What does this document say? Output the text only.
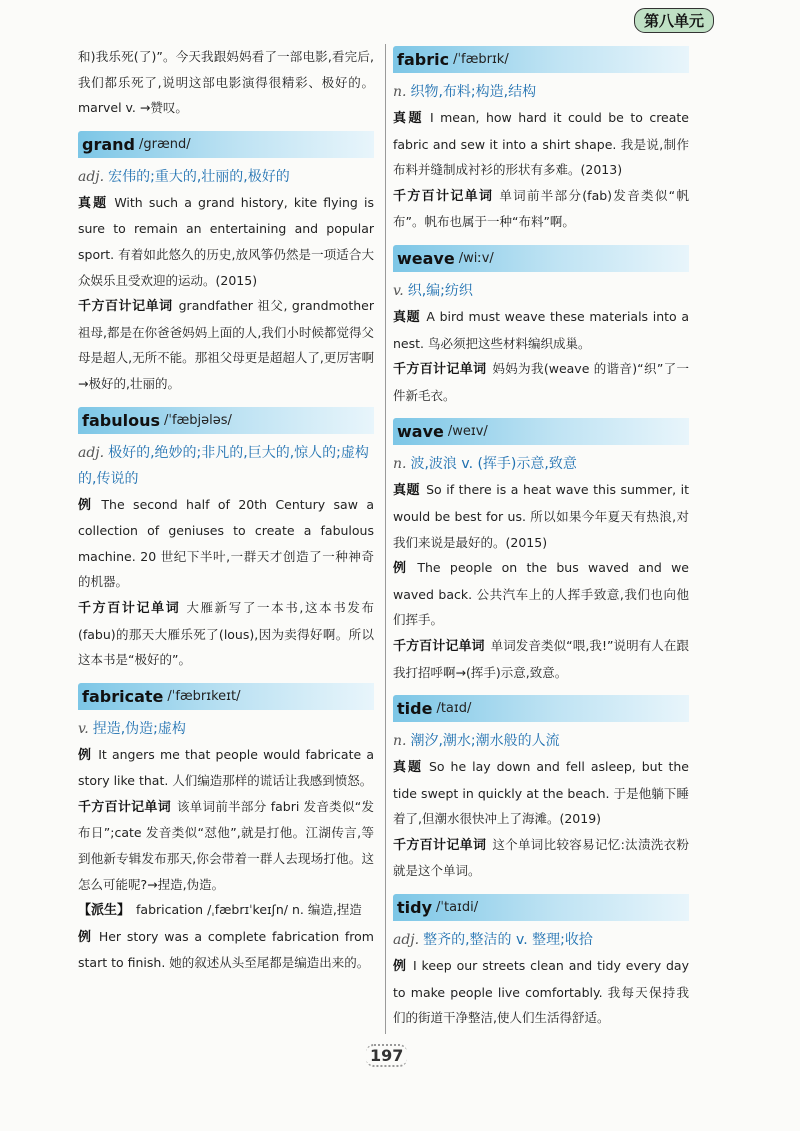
第八单元

和)我乐死(了)”。今天我跟妈妈看了一部电影,看完后,我们都乐死了,说明这部电影演得很精彩、极好的。marvel v. →赞叹。

grand /grænd/

adj. 宏伟的;重大的,壮丽的,极好的

真题 With such a grand history, kite flying is sure to remain an entertaining and popular sport. 有着如此悠久的历史,放风筝仍然是一项适合大众娱乐且受欢迎的运动。(2015)

千方百计记单词 grandfather 祖父, grandmother 祖母,都是在你爸爸妈妈上面的人,我们小时候都觉得父母是超人,无所不能。那祖父母更是超超人了,更厉害啊→极好的,壮丽的。

fabulous /ˈfæbjələs/

adj. 极好的,绝妙的;非凡的,巨大的,惊人的;虚构的,传说的

例 The second half of 20th Century saw a collection of geniuses to create a fabulous machine. 20 世纪下半叶,一群天才创造了一种神奇的机器。

千方百计记单词 大雁新写了一本书,这本书发布(fabu)的那天大雁乐死了(lous),因为卖得好啊。所以这本书是“极好的”。

fabricate /ˈfæbrɪkeɪt/

v. 捏造,伪造;虚构

例 It angers me that people would fabricate a story like that. 人们编造那样的谎话让我感到愤怒。

千方百计记单词 该单词前半部分 fabri 发音类似“发布日”;cate 发音类似“怼他”,就是打他。江湖传言,等到他新专辑发布那天,你会带着一群人去现场打他。这怎么可能呢?→捏造,伪造。

【派生】 fabrication /ˌfæbrɪˈkeɪʃn/ n. 编造,捏造

例 Her story was a complete fabrication from start to finish. 她的叙述从头至尾都是编造出来的。

fabric /ˈfæbrɪk/

n. 织物,布料;构造,结构

真题 I mean, how hard it could be to create fabric and sew it into a shirt shape. 我是说,制作布料并缝制成衬衫的形状有多难。(2013)

千方百计记单词 单词前半部分(fab)发音类似“帆布”。帆布也属于一种“布料”啊。

weave /wiːv/

v. 织,编;纺织

真题 A bird must weave these materials into a nest. 鸟必须把这些材料编织成巢。

千方百计记单词 妈妈为我(weave 的谐音)“织”了一件新毛衣。

wave /weɪv/

n. 波,波浪 v. (挥手)示意,致意

真题 So if there is a heat wave this summer, it would be best for us. 所以如果今年夏天有热浪,对我们来说是最好的。(2015)

例 The people on the bus waved and we waved back. 公共汽车上的人挥手致意,我们也向他们挥手。

千方百计记单词 单词发音类似“喂,我!”说明有人在跟我打招呼啊→(挥手)示意,致意。

tide /taɪd/

n. 潮汐,潮水;潮水般的人流

真题 So he lay down and fell asleep, but the tide swept in quickly at the beach. 于是他躺下睡着了,但潮水很快冲上了海滩。(2019)

千方百计记单词 这个单词比较容易记忆:汰渍洗衣粉就是这个单词。

tidy /ˈtaɪdi/

adj. 整齐的,整洁的 v. 整理;收拾

例 I keep our streets clean and tidy every day to make people live comfortably. 我每天保持我们的街道干净整洁,使人们生活得舒适。

197
